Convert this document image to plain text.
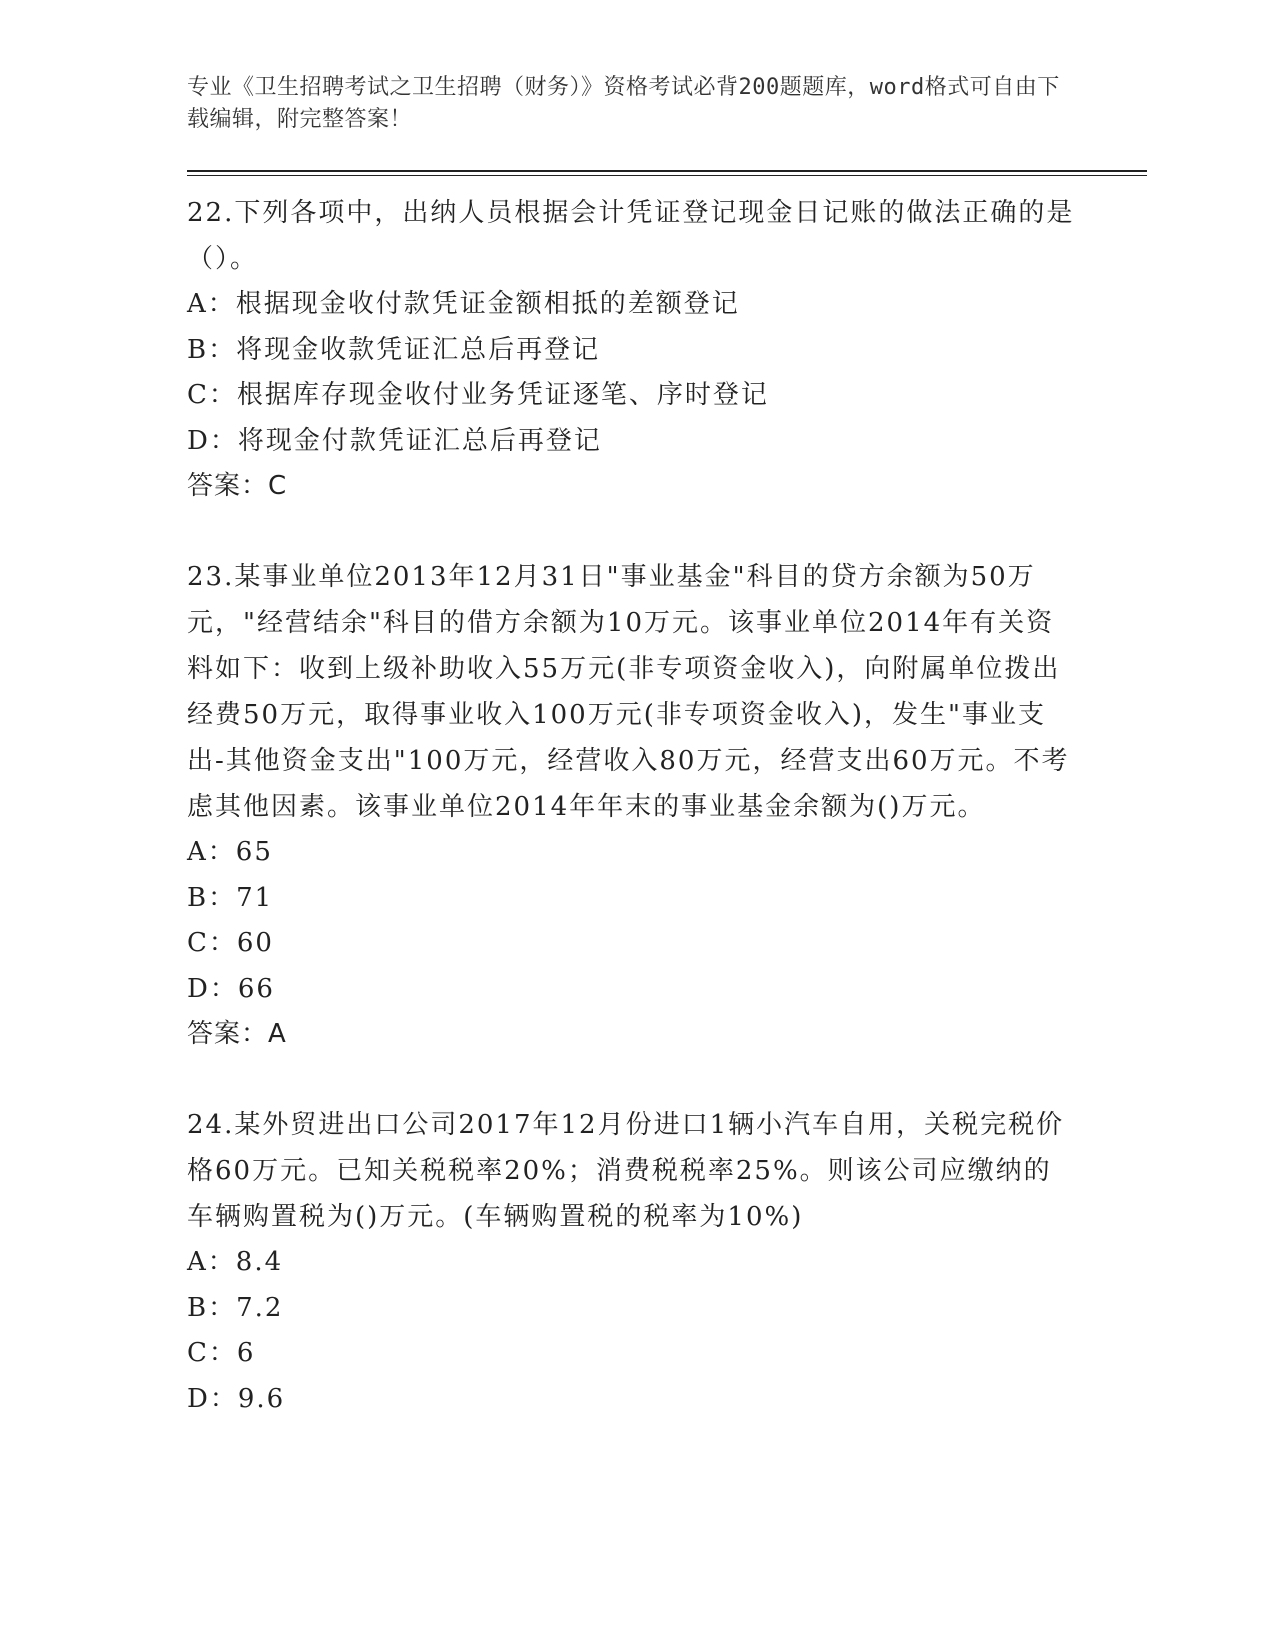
专业《卫生招聘考试之卫生招聘（财务）》资格考试必背200题题库，word格式可自由下载编辑，附完整答案！
22.下列各项中，出纳人员根据会计凭证登记现金日记账的做法正确的是（）。
A：根据现金收付款凭证金额相抵的差额登记
B：将现金收款凭证汇总后再登记
C：根据库存现金收付业务凭证逐笔、序时登记
D：将现金付款凭证汇总后再登记
答案：C
23.某事业单位2013年12月31日"事业基金"科目的贷方余额为50万元，"经营结余"科目的借方余额为10万元。该事业单位2014年有关资料如下：收到上级补助收入55万元(非专项资金收入)，向附属单位拨出经费50万元，取得事业收入100万元(非专项资金收入)，发生"事业支出-其他资金支出"100万元，经营收入80万元，经营支出60万元。不考虑其他因素。该事业单位2014年年末的事业基金余额为()万元。
A：65
B：71
C：60
D：66
答案：A
24.某外贸进出口公司2017年12月份进口1辆小汽车自用，关税完税价格60万元。已知关税税率20%；消费税税率25%。则该公司应缴纳的车辆购置税为()万元。(车辆购置税的税率为10%)
A：8.4
B：7.2
C：6
D：9.6
